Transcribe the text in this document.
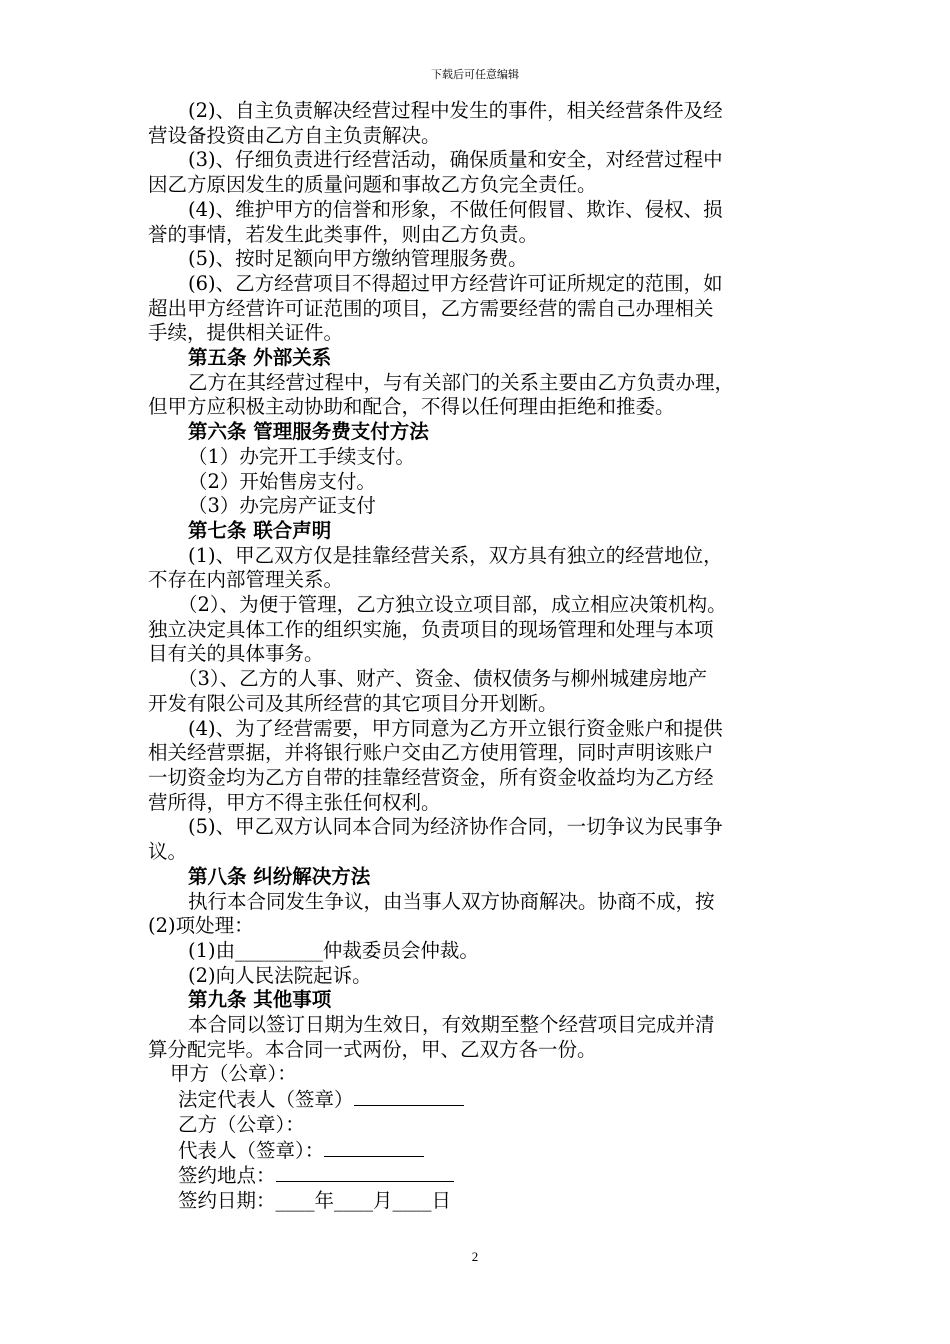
下载后可任意编辑

(2)、自主负责解决经营过程中发生的事件，相关经营条件及经

营设备投资由乙方自主负责解决。

(3)、仔细负责进行经营活动，确保质量和安全，对经营过程中

因乙方原因发生的质量问题和事故乙方负完全责任。

(4)、维护甲方的信誉和形象，不做任何假冒、欺诈、侵权、损

誉的事情，若发生此类事件，则由乙方负责。

(5)、按时足额向甲方缴纳管理服务费。

(6)、乙方经营项目不得超过甲方经营许可证所规定的范围，如

超出甲方经营许可证范围的项目，乙方需要经营的需自己办理相关

手续，提供相关证件。

第五条 外部关系

乙方在其经营过程中，与有关部门的关系主要由乙方负责办理，

但甲方应积极主动协助和配合，不得以任何理由拒绝和推委。

第六条 管理服务费支付方法

（1）办完开工手续支付。

（2）开始售房支付。

（3）办完房产证支付

第七条 联合声明

(1)、甲乙双方仅是挂靠经营关系，双方具有独立的经营地位，

不存在内部管理关系。

（2）、为便于管理，乙方独立设立项目部，成立相应决策机构。

独立决定具体工作的组织实施，负责项目的现场管理和处理与本项

目有关的具体事务。

（3）、乙方的人事、财产、资金、债权债务与柳州城建房地产

开发有限公司及其所经营的其它项目分开划断。

(4)、为了经营需要，甲方同意为乙方开立银行资金账户和提供

相关经营票据，并将银行账户交由乙方使用管理，同时声明该账户

一切资金均为乙方自带的挂靠经营资金，所有资金收益均为乙方经

营所得，甲方不得主张任何权利。

(5)、甲乙双方认同本合同为经济协作合同，一切争议为民事争

议。

第八条 纠纷解决方法

执行本合同发生争议，由当事人双方协商解决。协商不成，按

(2)项处理：

(1)由_________仲裁委员会仲裁。

(2)向人民法院起诉。

第九条 其他事项

本合同以签订日期为生效日，有效期至整个经营项目完成并清

算分配完毕。本合同一式两份，甲、乙双方各一份。

甲方（公章）：

法定代表人（签章）

乙方（公章）：

代表人（签章）：

签约地点：

签约日期：____年____月____日

2
